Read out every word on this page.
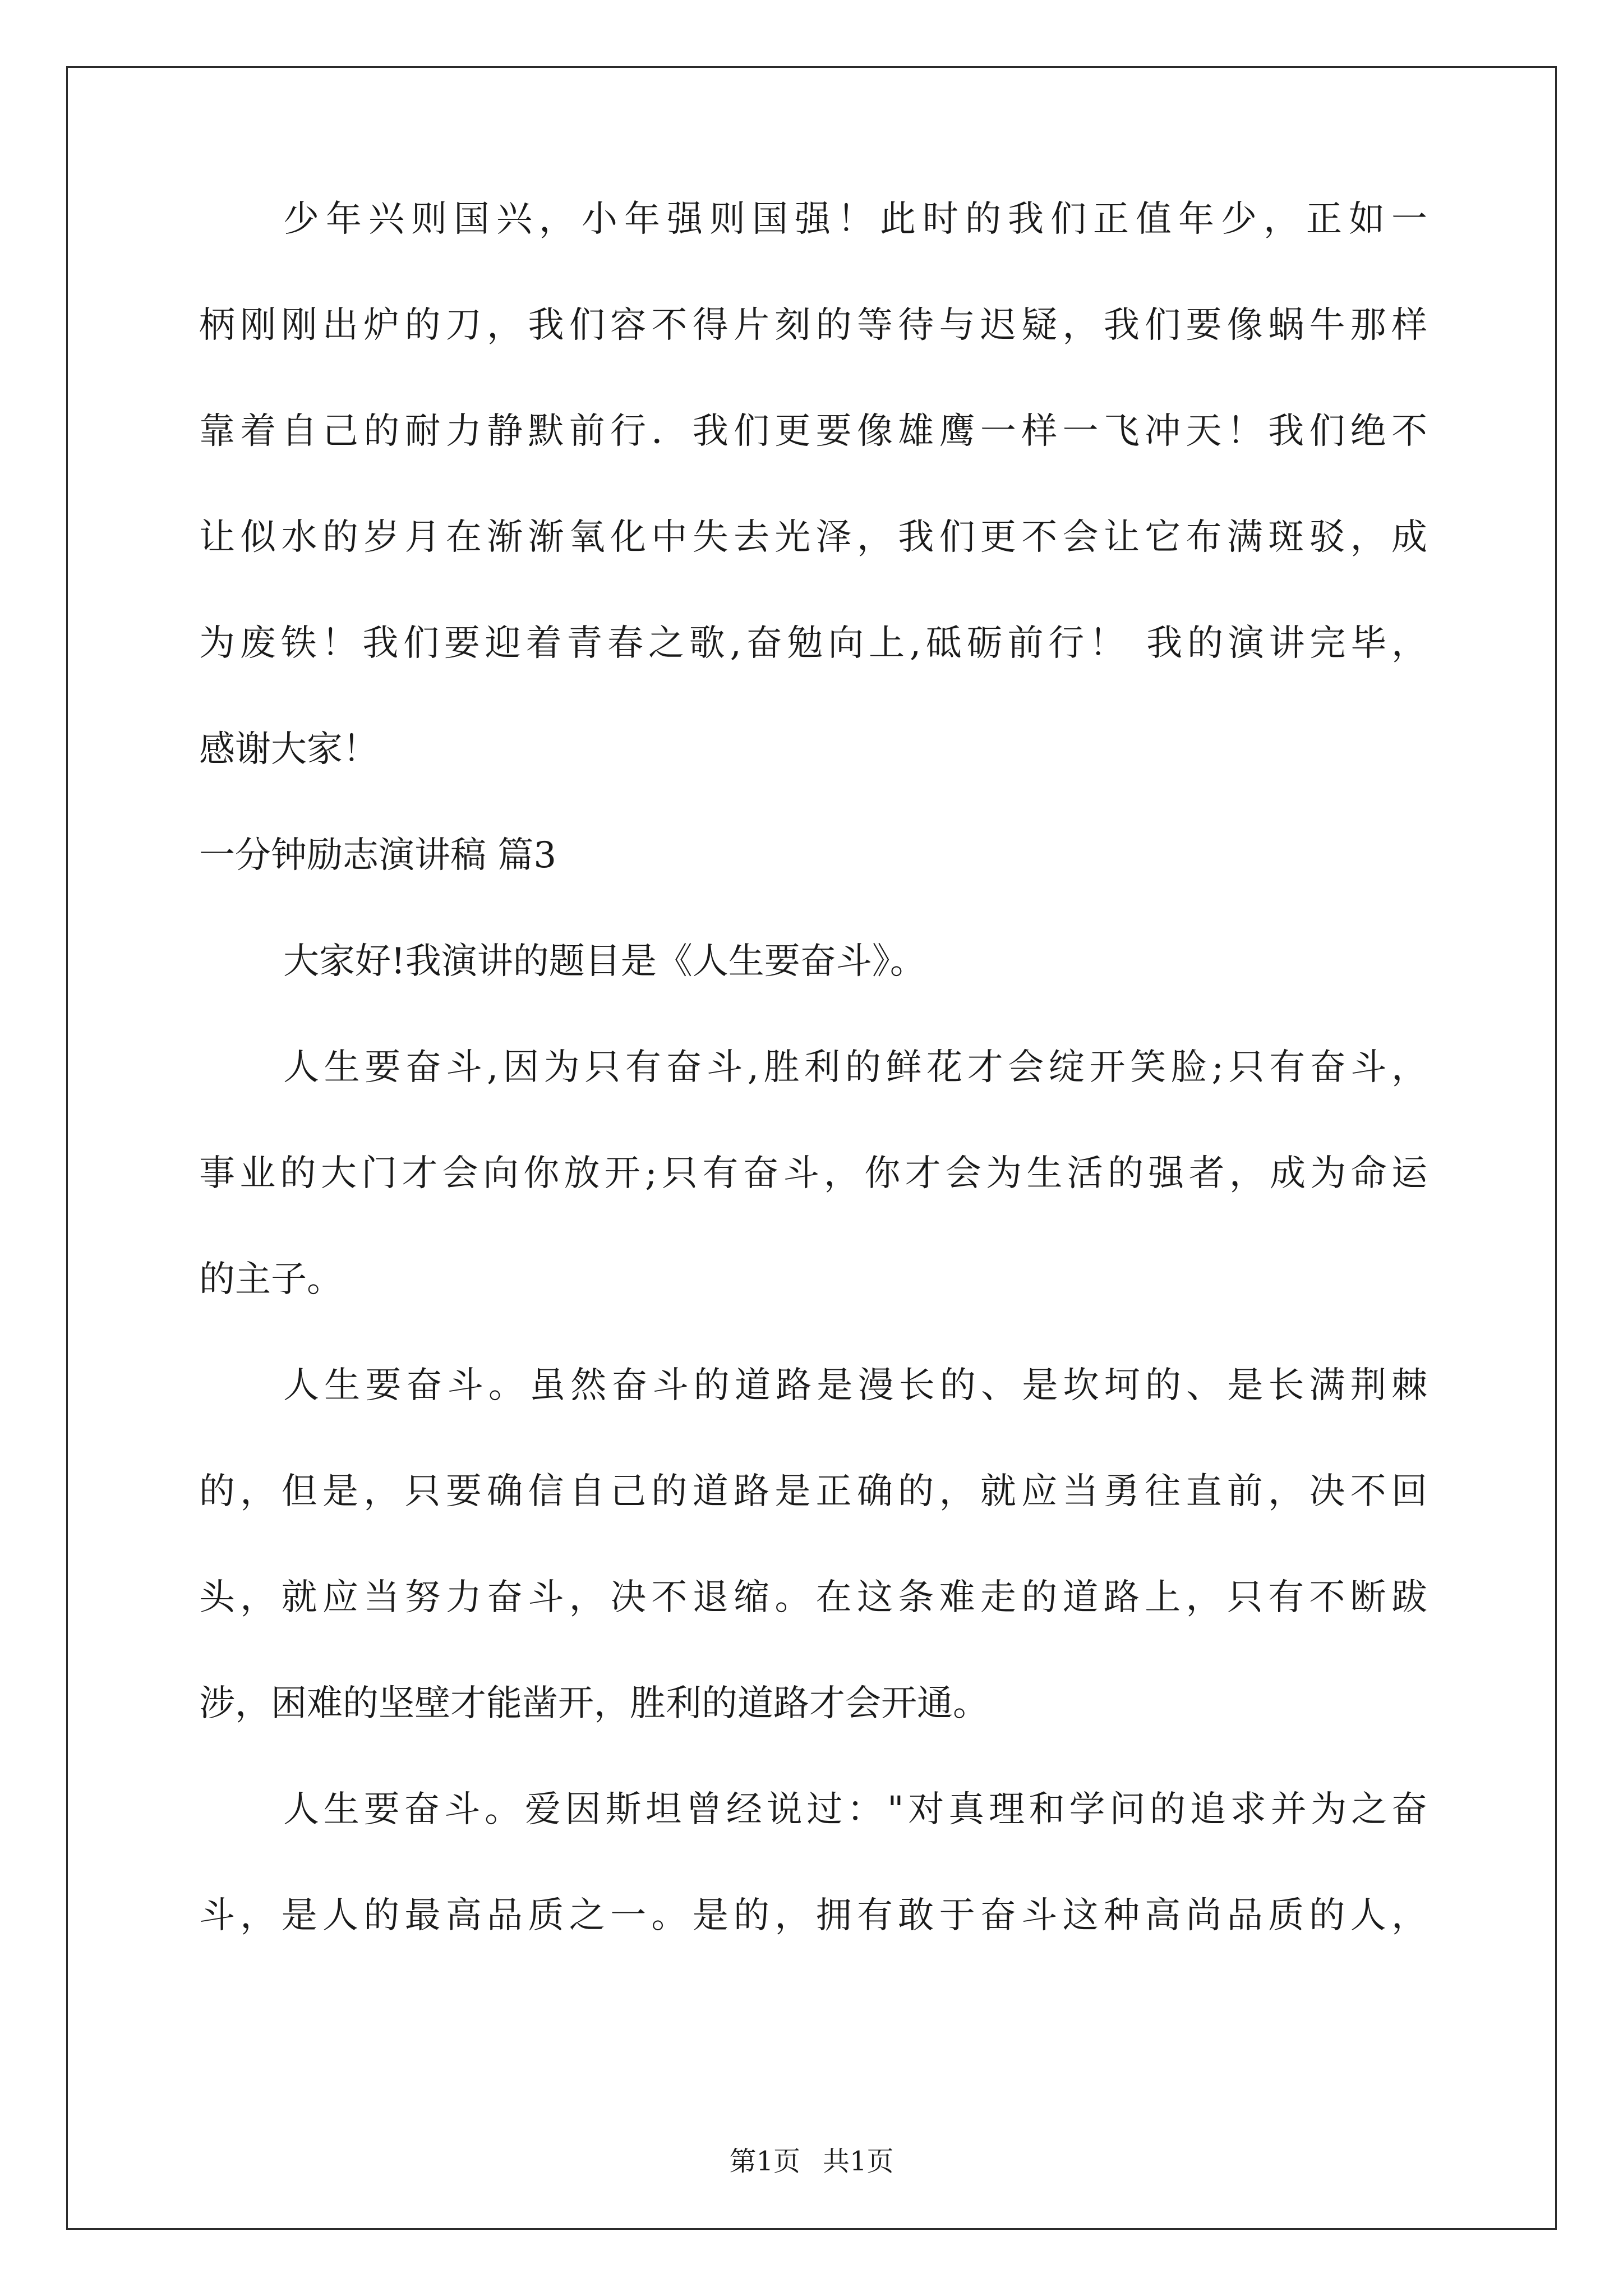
少年兴则国兴，小年强则国强！此时的我们正值年少，正如一
柄刚刚出炉的刀，我们容不得片刻的等待与迟疑，我们要像蜗牛那样
靠着自己的耐力静默前行．我们更要像雄鹰一样一飞冲天！我们绝不
让似水的岁月在渐渐氧化中失去光泽，我们更不会让它布满斑驳，成
为废铁！我们要迎着青春之歌,奋勉向上,砥砺前行！ 我的演讲完毕，
感谢大家！
一分钟励志演讲稿 篇3
大家好!我演讲的题目是《人生要奋斗》。
人生要奋斗,因为只有奋斗,胜利的鲜花才会绽开笑脸;只有奋斗，
事业的大门才会向你放开;只有奋斗，你才会为生活的强者，成为命运
的主子。
人生要奋斗。虽然奋斗的道路是漫长的、是坎坷的、是长满荆棘
的，但是，只要确信自己的道路是正确的，就应当勇往直前，决不回
头，就应当努力奋斗，决不退缩。在这条难走的道路上，只有不断跋
涉，困难的坚壁才能凿开，胜利的道路才会开通。
人生要奋斗。爱因斯坦曾经说过："对真理和学问的追求并为之奋
斗，是人的最高品质之一。是的，拥有敢于奋斗这种高尚品质的人，
第1页 共1页
